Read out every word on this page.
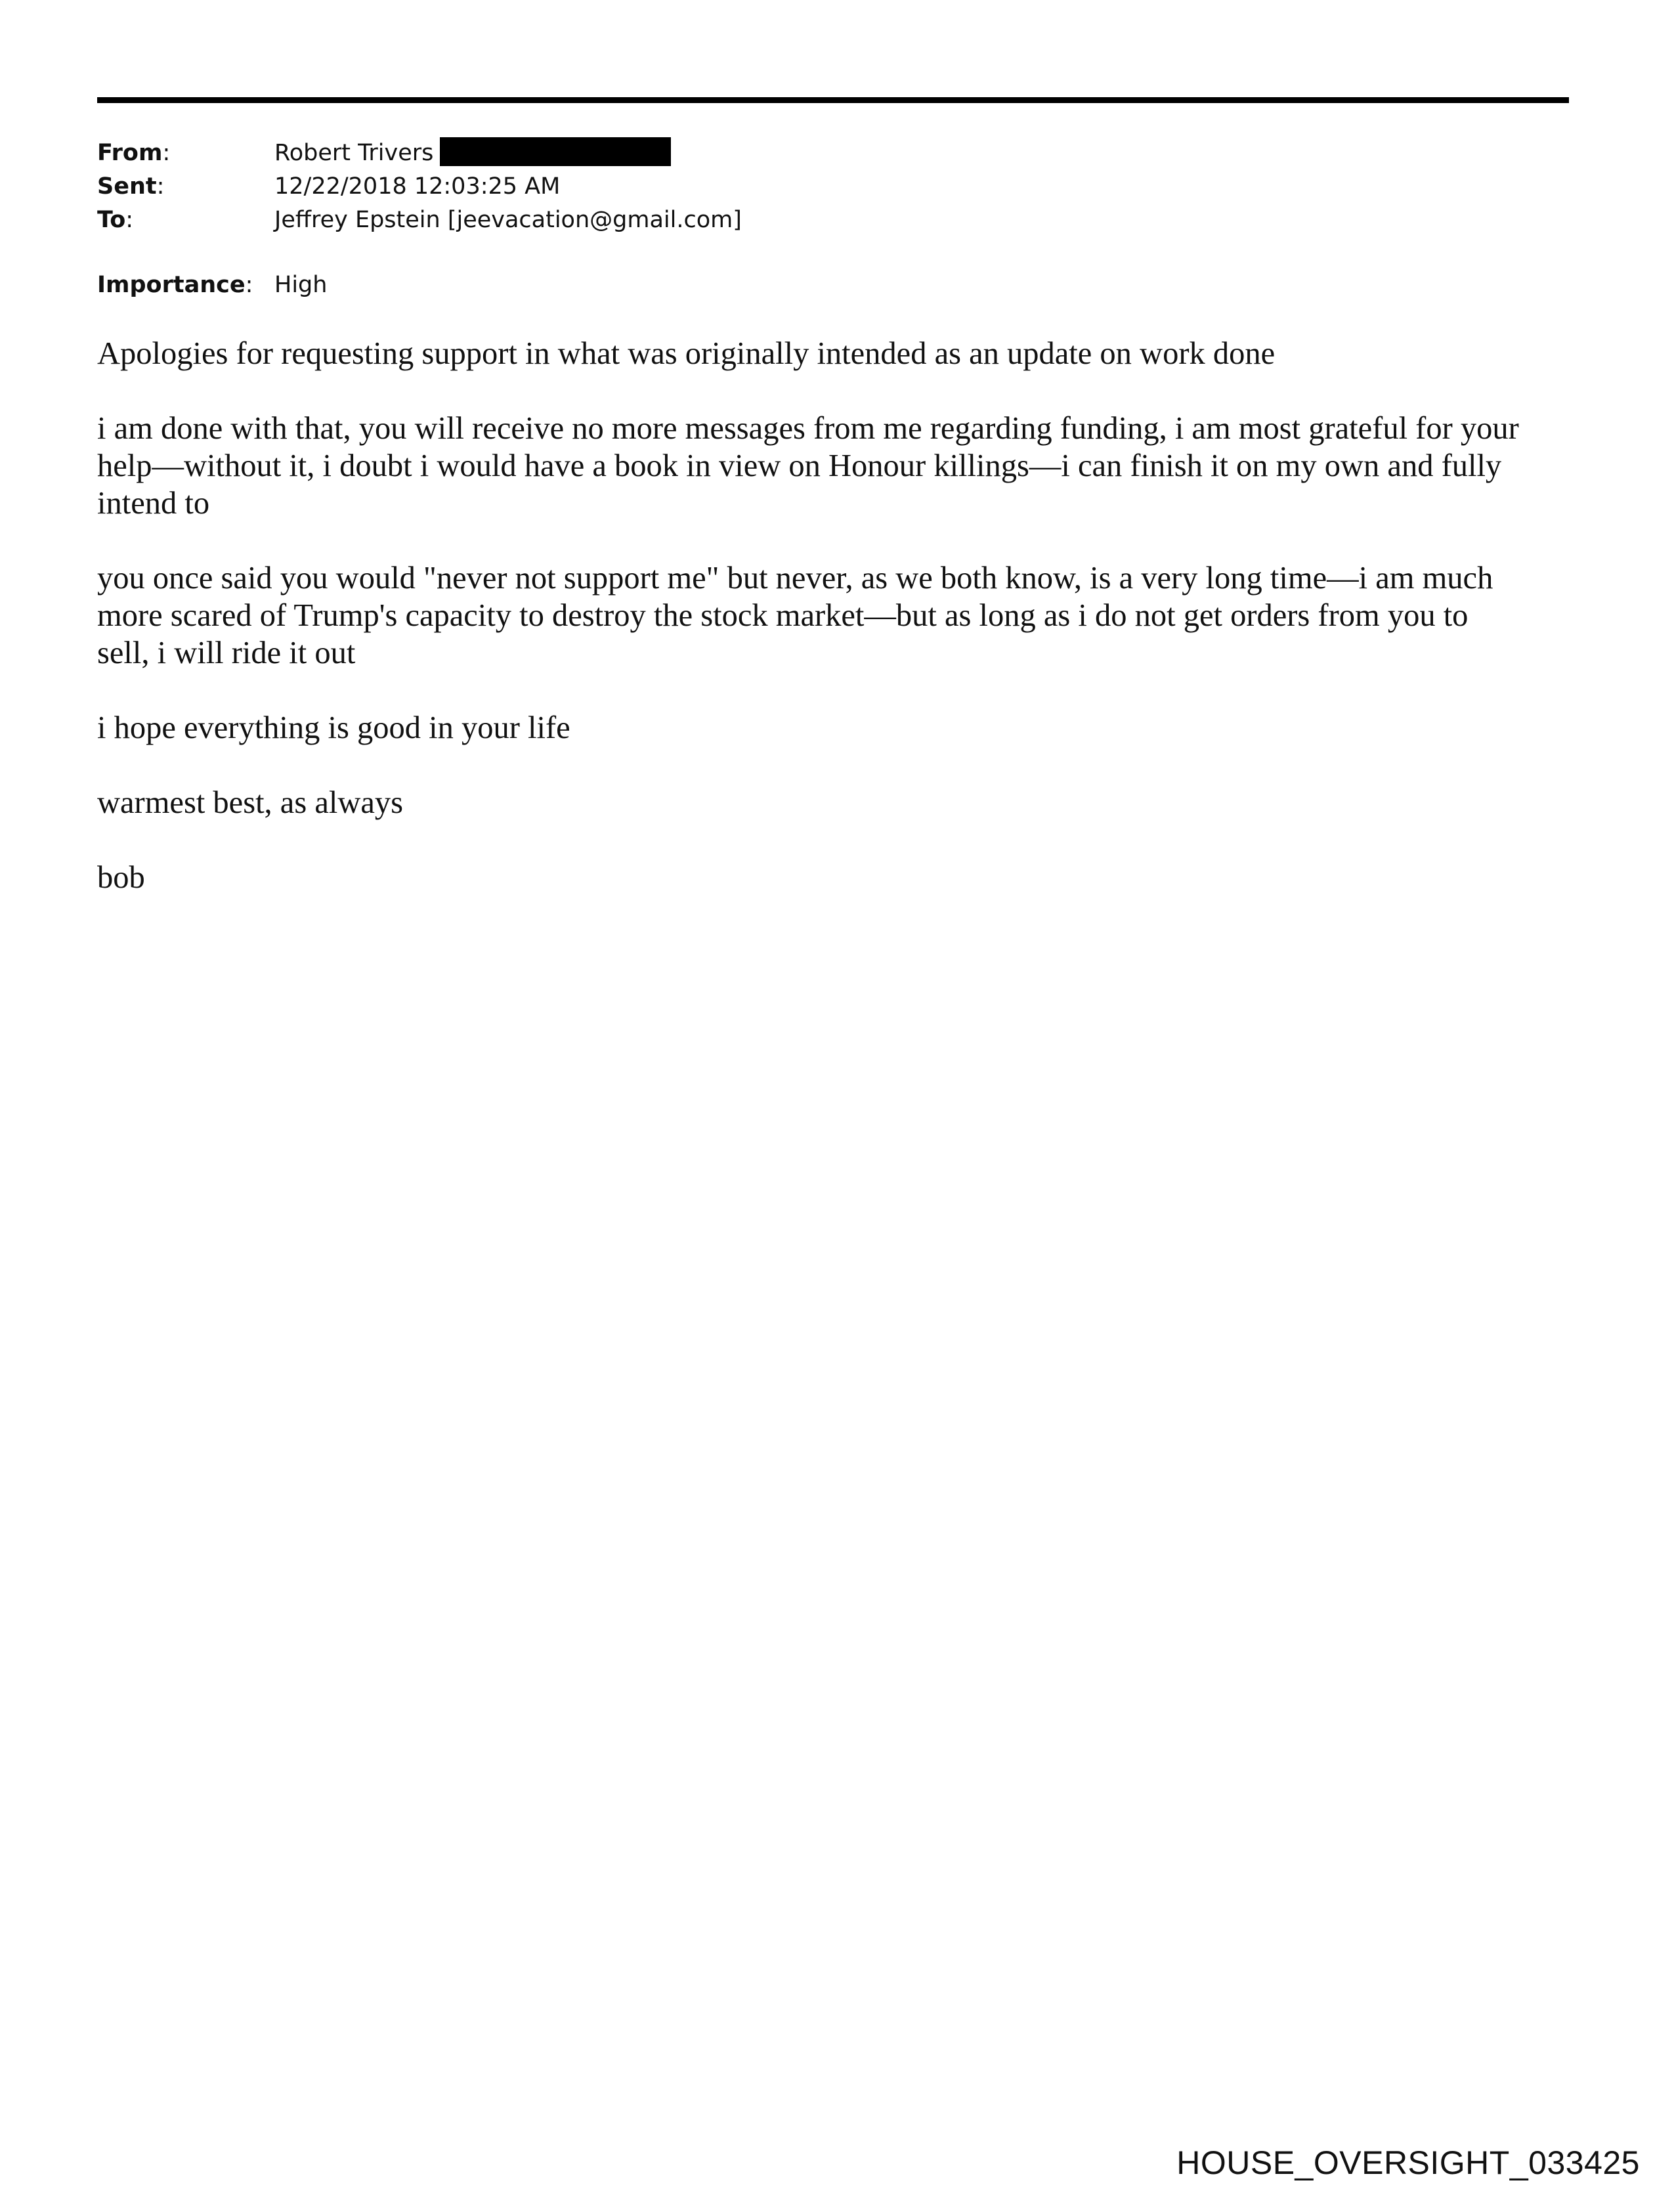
From:	Robert Trivers
Sent:	12/22/2018 12:03:25 AM
To:	Jeffrey Epstein [jeevacation@gmail.com]
Importance: High

Apologies for requesting support in what was originally intended as an update on work done

i am done with that, you will receive no more messages from me regarding funding, i am most grateful for your
help—without it, i doubt i would have a book in view on Honour killings—i can finish it on my own and fully
intend to

you once said you would "never not support me" but never, as we both know, is a very long time—i am much
more scared of Trump's capacity to destroy the stock market—but as long as i do not get orders from you to
sell, i will ride it out

i hope everything is good in your life

warmest best, as always

bob

HOUSE_OVERSIGHT_033425
